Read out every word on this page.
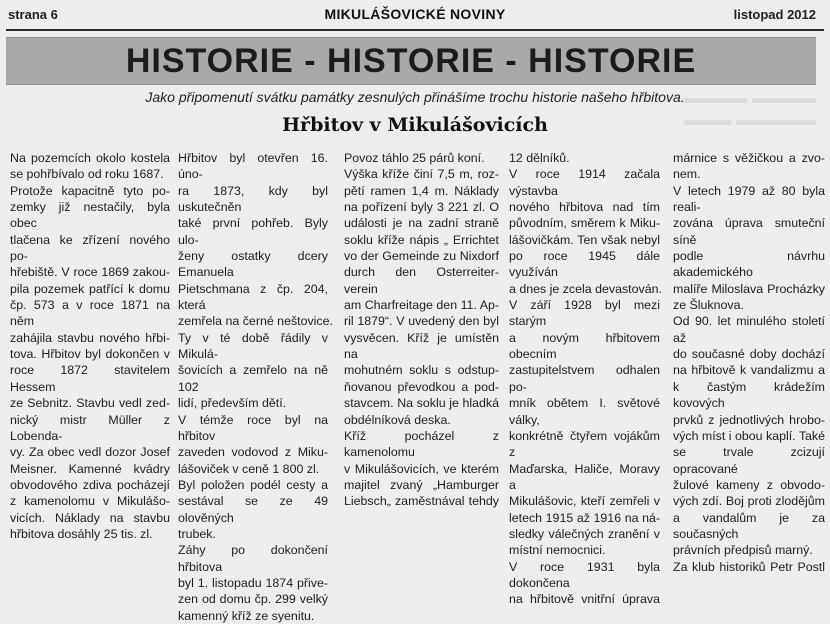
strana 6	MIKULÁŠOVICKÉ NOVINY	listopad 2012
HISTORIE - HISTORIE - HISTORIE
Jako připomenutí svátku památky zesnulých přinášíme trochu historie našeho hřbitova.
▬▬▬▬ ▬▬▬▬
▬▬▬ ▬▬▬▬▬
Hřbitov v Mikulášovicích
Na pozemcích okolo kostela
se pohřbívalo od roku 1687.
Protože kapacitně tyto po-
zemky již nestačily, byla obec
tlačena ke zřízení nového po-
hřebiště. V roce 1869 zakou-
pila pozemek patřící k domu
čp. 573 a v roce 1871 na něm
zahájila stavbu nového hřbi-
tova. Hřbitov byl dokončen v
roce 1872 stavitelem Hessem
ze Sebnitz. Stavbu vedl zed-
nický mistr Müller z Lobenda-
vy. Za obec vedl dozor Josef
Meisner. Kamenné kvádry
obvodového zdiva pocházejí
z kamenolomu v Mikulášo-
vicích. Náklady na stavbu
hřbitova dosáhly 25 tis. zl.
Hřbitov byl otevřen 16. úno-
ra 1873, kdy byl uskutečněn
také první pohřeb. Byly ulo-
ženy ostatky dcery Emanuela
Pietschmana z čp. 204, která
zemřela na černé neštovice.
Ty v té době řádily v Mikulá-
šovicích a zemřelo na ně 102
lidí, především dětí.
V témže roce byl na hřbitov
zaveden vodovod z Miku-
lášoviček v ceně 1 800 zl.
Byl položen podél cesty a
sestával se ze 49 olověných
trubek.
Záhy po dokončení hřbitova
byl 1. listopadu 1874 přive-
zen od domu čp. 299 velký
kamenný kříž ze syenitu.
Povoz táhlo 25 párů koní.
Výška kříže činí 7,5 m, roz-
pětí ramen 1,4 m. Náklady
na pořízení byly 3 221 zl. O
události je na zadní straně
soklu kříže nápis „ Errichtet
vo der Gemeinde zu Nixdorf
durch den Osterreiter- verein
am Charfreitage den 11. Ap-
ril 1879“. V uvedený den byl
vysvěcen. Kříž je umístěn na
mohutném soklu s odstup-
ňovanou převodkou a pod-
stavcem. Na soklu je hladká
obdélníková deska.
Kříž pocházel z kamenolomu
v Mikulášovicích, ve kterém
majitel zvaný „Hamburger
Liebsch„ zaměstnával tehdy
12 dělníků.
V roce 1914 začala výstavba
nového hřbitova nad tím
původním, směrem k Miku-
lášovičkám. Ten však nebyl
po roce 1945 dále využíván
a dnes je zcela devastován.
V září 1928 byl mezi starým
a novým hřbitovem obecním
zastupitelstvem odhalen po-
mník obětem I. světové války,
konkrétně čtyřem vojákům z
Maďarska, Haliče, Moravy a
Mikulášovic, kteří zemřeli v
letech 1915 až 1916 na ná-
sledky válečných zranění v
místní nemocnici.
V roce 1931 byla dokončena
na hřbitově vnitřní úprava
márnice s věžičkou a zvo-
nem.
V letech 1979 až 80 byla reali-
zována úprava smuteční síně
podle návrhu akademického
malíře Miloslava Procházky
ze Šluknova.
Od 90. let minulého století až
do současné doby dochází
na hřbitově k vandalizmu a
k častým krádežím kovových
prvků z jednotlivých hrobo-
vých míst i obou kaplí. Také
se trvale zcizují opracované
žulové kameny z obvodo-
vých zdí. Boj proti zlodějům
a vandalům je za současných
právních předpisů marný.
Za klub historiků Petr Postl
